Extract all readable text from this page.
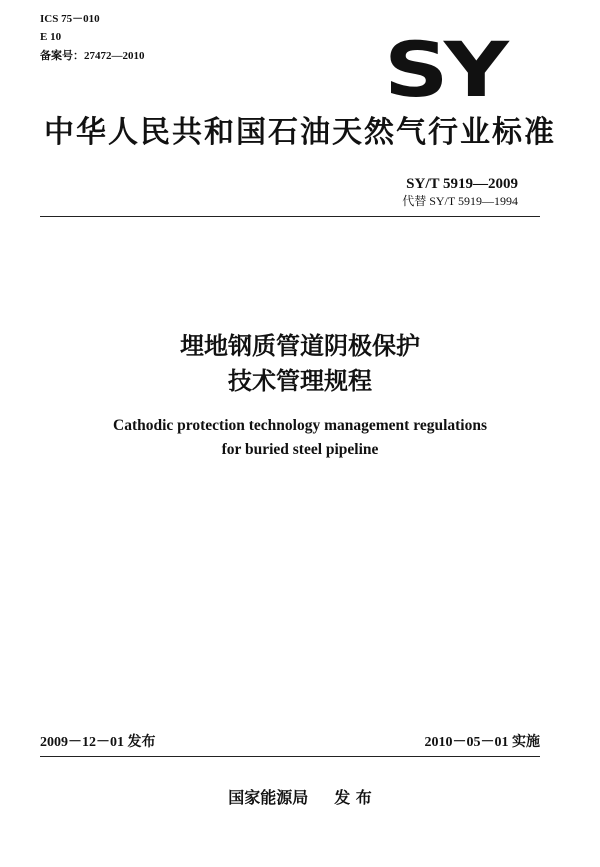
ICS 75－010
E 10
备案号：27472—2010	SY
中华人民共和国石油天然气行业标准
SY/T 5919—2009
代替 SY/T 5919—1994
埋地钢质管道阴极保护
技术管理规程
Cathodic protection technology management regulations
for buried steel pipeline
2009－12－01 发布	2010－05－01 实施
国家能源局 发 布
